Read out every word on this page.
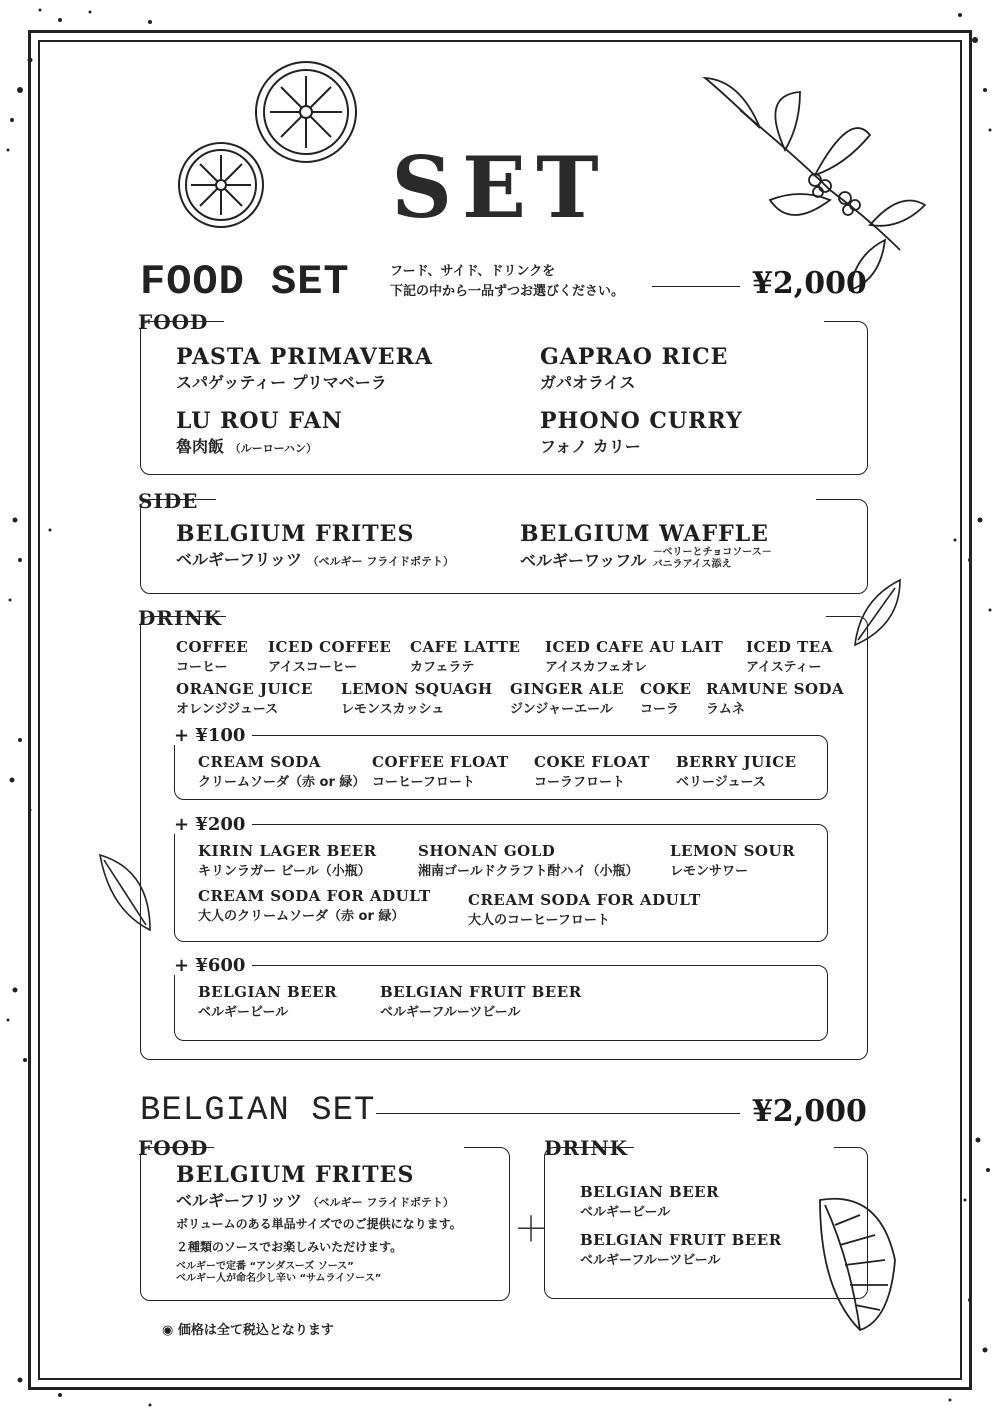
SET
FOOD SET	フード、サイド、ドリンクを
下記の中から一品ずつお選びください。	¥2,000
FOOD
PASTA PRIMAVERA
スパゲッティー プリマベーラ
GAPRAO RICE
ガパオライス
LU ROU FAN
魯肉飯 （ルーローハン）
PHONO CURRY
フォノ カリー
SIDE
BELGIUM FRITES
ベルギーフリッツ （ベルギー フライドポテト）
BELGIUM WAFFLE
ベルギーワッフル －ベリーとチョコソース－
バニラアイス添え
DRINK
COFFEE
コーヒー
ICED COFFEE
アイスコーヒー
CAFE LATTE
カフェラテ
ICED CAFE AU LAIT
アイスカフェオレ
ICED TEA
アイスティー
ORANGE JUICE
オレンジジュース
LEMON SQUAGH
レモンスカッシュ
GINGER ALE
ジンジャーエール
COKE
コーラ
RAMUNE SODA
ラムネ
+ ¥100
CREAM SODA
クリームソーダ（赤 or 緑）
COFFEE FLOAT
コーヒーフロート
COKE FLOAT
コーラフロート
BERRY JUICE
ベリージュース
+ ¥200
KIRIN LAGER BEER
キリンラガー ビール（小瓶）
SHONAN GOLD
湘南ゴールドクラフト酎ハイ（小瓶）
LEMON SOUR
レモンサワー
CREAM SODA FOR ADULT
大人のクリームソーダ（赤 or 緑）
CREAM SODA FOR ADULT
大人のコーヒーフロート
+ ¥600
BELGIAN BEER
ベルギービール
BELGIAN FRUIT BEER
ベルギーフルーツビール
BELGIAN SET	¥2,000
FOOD
BELGIUM FRITES
ベルギーフリッツ （ベルギー フライドポテト）
ボリュームのある単品サイズでのご提供になります。
２種類のソースでお楽しみいただけます。
ベルギーで定番 “アンダスーズ ソース”
ベルギー人が命名少し辛い “サムライソース”
＋
DRINK
BELGIAN BEER
ベルギービール
BELGIAN FRUIT BEER
ベルギーフルーツビール
◉ 価格は全て税込となります
